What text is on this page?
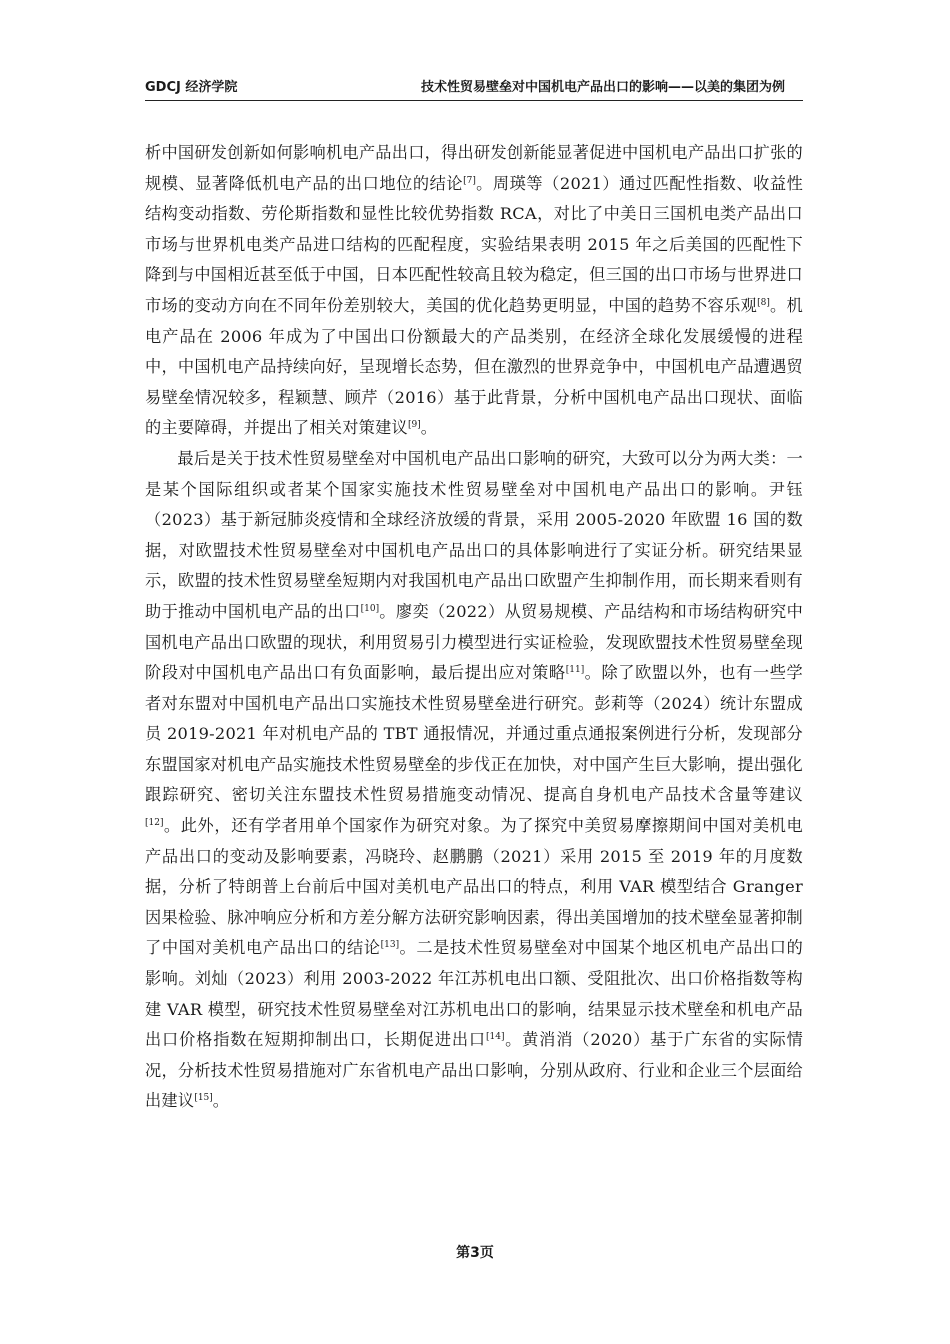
GDCJ 经济学院	技术性贸易壁垒对中国机电产品出口的影响——以美的集团为例

析中国研发创新如何影响机电产品出口，得出研发创新能显著促进中国机电产品出口扩张的规模、显著降低机电产品的出口地位的结论[7]。周瑛等（2021）通过匹配性指数、收益性结构变动指数、劳伦斯指数和显性比较优势指数 RCA，对比了中美日三国机电类产品出口市场与世界机电类产品进口结构的匹配程度，实验结果表明 2015 年之后美国的匹配性下降到与中国相近甚至低于中国，日本匹配性较高且较为稳定，但三国的出口市场与世界进口市场的变动方向在不同年份差别较大，美国的优化趋势更明显，中国的趋势不容乐观[8]。机电产品在 2006 年成为了中国出口份额最大的产品类别，在经济全球化发展缓慢的进程中，中国机电产品持续向好，呈现增长态势，但在激烈的世界竞争中，中国机电产品遭遇贸易壁垒情况较多，程颖慧、顾芹（2016）基于此背景，分析中国机电产品出口现状、面临的主要障碍，并提出了相关对策建议[9]。

最后是关于技术性贸易壁垒对中国机电产品出口影响的研究，大致可以分为两大类：一是某个国际组织或者某个国家实施技术性贸易壁垒对中国机电产品出口的影响。尹钰（2023）基于新冠肺炎疫情和全球经济放缓的背景，采用 2005-2020 年欧盟 16 国的数据，对欧盟技术性贸易壁垒对中国机电产品出口的具体影响进行了实证分析。研究结果显示，欧盟的技术性贸易壁垒短期内对我国机电产品出口欧盟产生抑制作用，而长期来看则有助于推动中国机电产品的出口[10]。廖奕（2022）从贸易规模、产品结构和市场结构研究中国机电产品出口欧盟的现状，利用贸易引力模型进行实证检验，发现欧盟技术性贸易壁垒现阶段对中国机电产品出口有负面影响，最后提出应对策略[11]。除了欧盟以外，也有一些学者对东盟对中国机电产品出口实施技术性贸易壁垒进行研究。彭莉等（2024）统计东盟成员 2019-2021 年对机电产品的 TBT 通报情况，并通过重点通报案例进行分析，发现部分东盟国家对机电产品实施技术性贸易壁垒的步伐正在加快，对中国产生巨大影响，提出强化跟踪研究、密切关注东盟技术性贸易措施变动情况、提高自身机电产品技术含量等建议[12]。此外，还有学者用单个国家作为研究对象。为了探究中美贸易摩擦期间中国对美机电产品出口的变动及影响要素，冯晓玲、赵鹏鹏（2021）采用 2015 至 2019 年的月度数据，分析了特朗普上台前后中国对美机电产品出口的特点，利用 VAR 模型结合 Granger 因果检验、脉冲响应分析和方差分解方法研究影响因素，得出美国增加的技术壁垒显著抑制了中国对美机电产品出口的结论[13]。二是技术性贸易壁垒对中国某个地区机电产品出口的影响。刘灿（2023）利用 2003-2022 年江苏机电出口额、受阻批次、出口价格指数等构建 VAR 模型，研究技术性贸易壁垒对江苏机电出口的影响，结果显示技术壁垒和机电产品出口价格指数在短期抑制出口，长期促进出口[14]。黄消消（2020）基于广东省的实际情况，分析技术性贸易措施对广东省机电产品出口影响，分别从政府、行业和企业三个层面给出建议[15]。

第3页
